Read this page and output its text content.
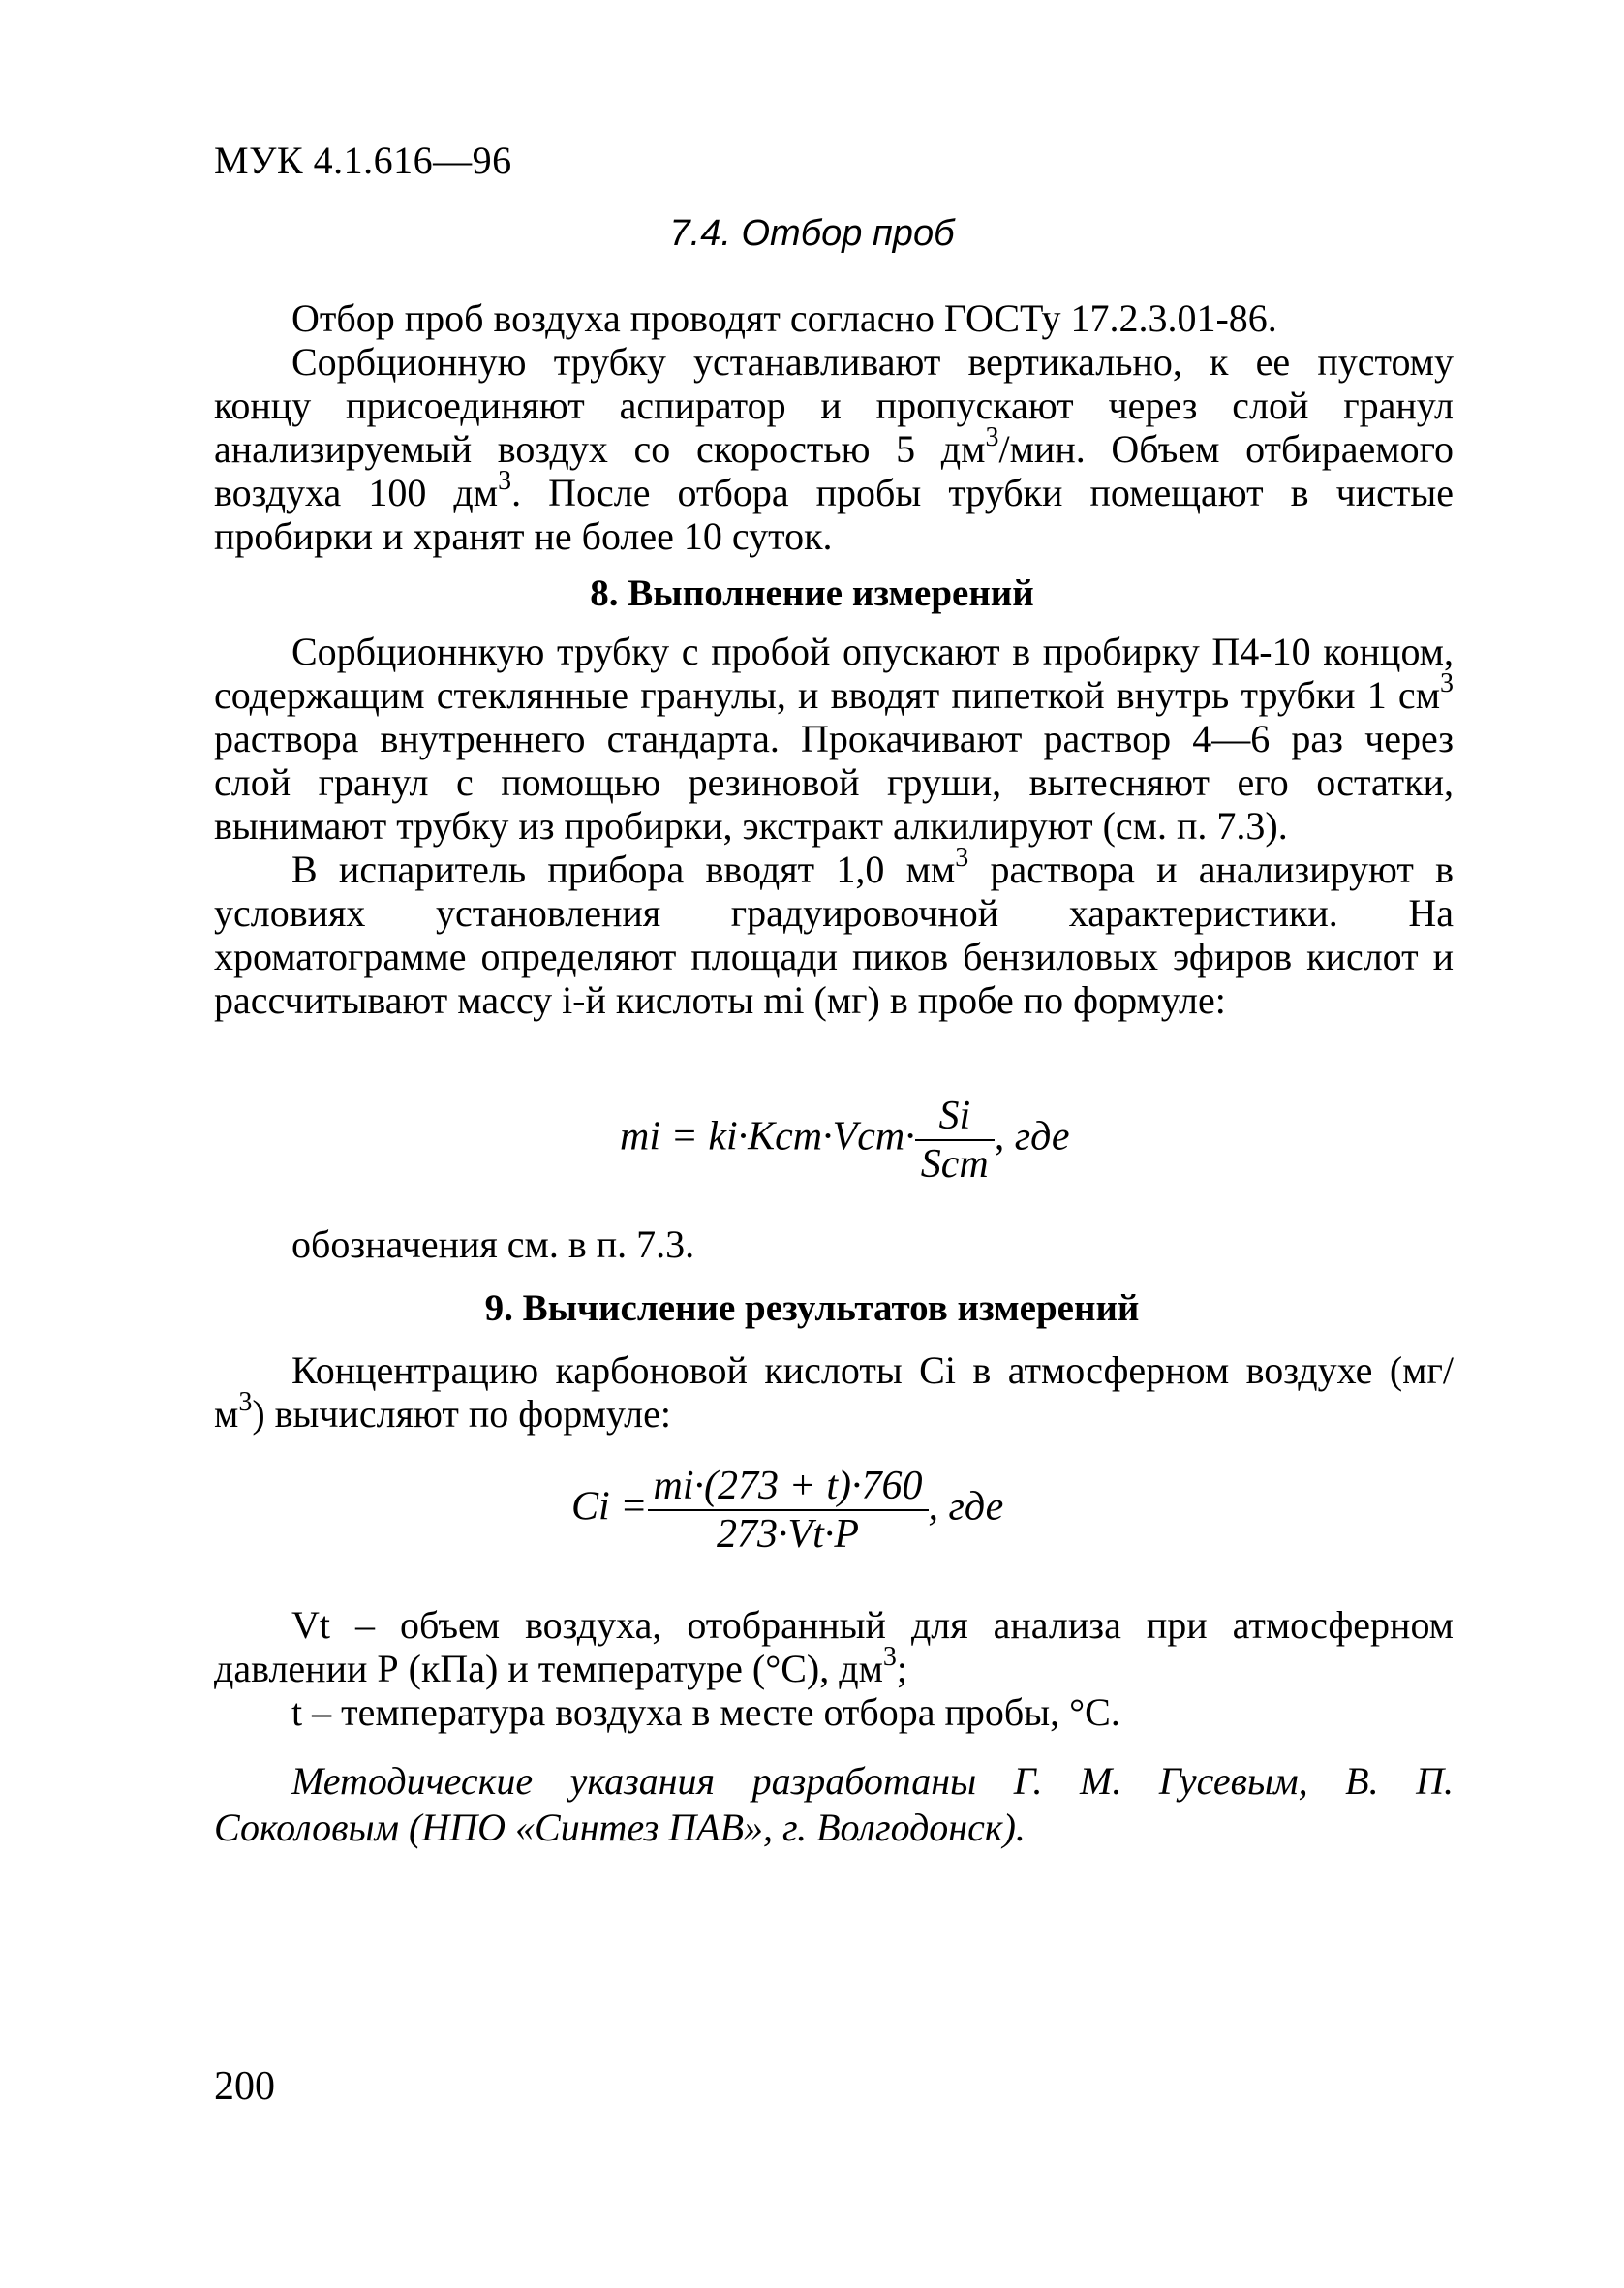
МУК 4.1.616—96
7.4. Отбор проб

Отбор проб воздуха проводят согласно ГОСТу 17.2.3.01-86.

Сорбционную трубку устанавливают вертикально, к ее пустому концу присоединяют аспиратор и пропускают через слой гранул анализируемый воздух со скоростью 5 $дм^3$/мин. Объем отбираемого воздуха 100 $дм^3$. После отбора пробы трубки помещают в чистые пробирки и хранят не более 10 суток.

8. Выполнение измерений

Сорбционнкую трубку с пробой опускают в пробирку П4-10 концом, содержащим стеклянные гранулы, и вводят пипеткой внутрь трубки 1 $см^3$ раствора внутреннего стандарта. Прокачивают раствор 4—6 раз через слой гранул с помощью резиновой груши, вытесняют его остатки, вынимают трубку из пробирки, экстракт алкилируют (см. п. 7.3).

В испаритель прибора вводят 1,0 $мм^3$ раствора и анализируют в условиях установления градуировочной характеристики. На хроматограмме определяют площади пиков бензиловых эфиров кислот и рассчитывают массу i-й кислоты mi (мг) в пробе по формуле:

mi = $ki\cdot Kcm\cdot Vcm\cdot \frac{Si}{\text{Scm}}$ , где

обозначения см. в п. 7.3.

9. Вычисление результатов измерений

Концентрацию карбоновой кислоты Ci в атмосферном воздухе $(мг/м^3)$ вычисляют по формуле:

$Ci = \frac{mi\cdot(273 + t)\cdot 760}{273\cdot Vt\cdot P}$ , где

Vt – объем воздуха, отобранный для анализа при атмосферном давлении Р (кПа) и температуре (°С), $дм^3$;

t – температура воздуха в месте отбора пробы, °С.

Методические указания разработаны Г. М. Гусевым, В. П. Соколовым (НПО «Синтез ПАВ», г. Волгодонск).

200
